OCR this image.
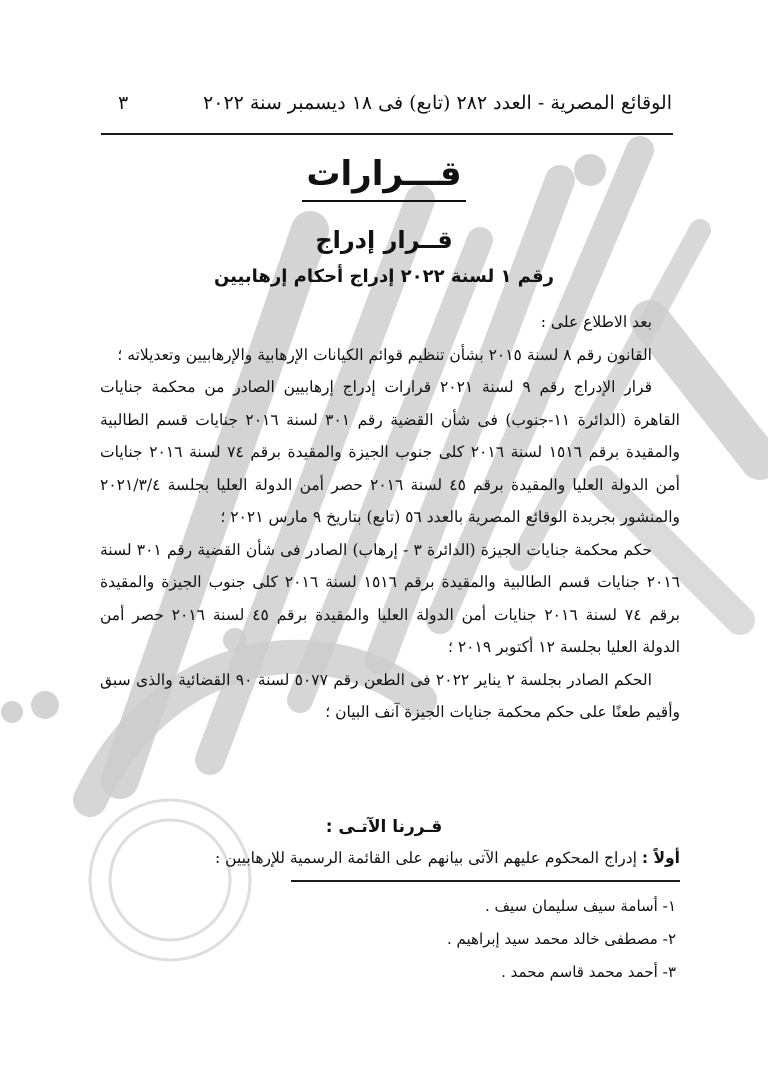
الوقائع المصرية - العدد ٢٨٢ (تابع) فى ١٨ ديسمبر سنة ٢٠٢٢
٣
قـــرارات
قــرار إدراج
رقم ١ لسنة ٢٠٢٢ إدراج أحكام إرهابيين

بعد الاطلاع على :

القانون رقم ٨ لسنة ٢٠١٥ بشأن تنظيم قوائم الكيانات الإرهابية والإرهابيين وتعديلاته ؛

قرار الإدراج رقم ٩ لسنة ٢٠٢١ قرارات إدراج إرهابيين الصادر من محكمة جنايات القاهرة (الدائرة ١١-جنوب) فى شأن القضية رقم ٣٠١ لسنة ٢٠١٦ جنايات قسم الطالبية والمقيدة برقم ١٥١٦ لسنة ٢٠١٦ كلى جنوب الجيزة والمقيدة برقم ٧٤ لسنة ٢٠١٦ جنايات أمن الدولة العليا والمقيدة برقم ٤٥ لسنة ٢٠١٦ حصر أمن الدولة العليا بجلسة ٢٠٢١/٣/٤ والمنشور بجريدة الوقائع المصرية بالعدد ٥٦ (تابع) بتاريخ ٩ مارس ٢٠٢١ ؛

حكم محكمة جنايات الجيزة (الدائرة ٣ - إرهاب) الصادر فى شأن القضية رقم ٣٠١ لسنة ٢٠١٦ جنايات قسم الطالبية والمقيدة برقم ١٥١٦ لسنة ٢٠١٦ كلى جنوب الجيزة والمقيدة برقم ٧٤ لسنة ٢٠١٦ جنايات أمن الدولة العليا والمقيدة برقم ٤٥ لسنة ٢٠١٦ حصر أمن الدولة العليا بجلسة ١٢ أكتوبر ٢٠١٩ ؛

الحكم الصادر بجلسة ٢ يناير ٢٠٢٢ فى الطعن رقم ٥٠٧٧ لسنة ٩٠ القضائية والذى سبق وأقيم طعنًا على حكم محكمة جنايات الجيزة آنف البيان ؛

قـررنا الآتـى :
أولاً : إدراج المحكوم عليهم الآتى بيانهم على القائمة الرسمية للإرهابيين :
١- أسامة سيف سليمان سيف .
٢- مصطفى خالد محمد سيد إبراهيم .
٣- أحمد محمد قاسم محمد .
